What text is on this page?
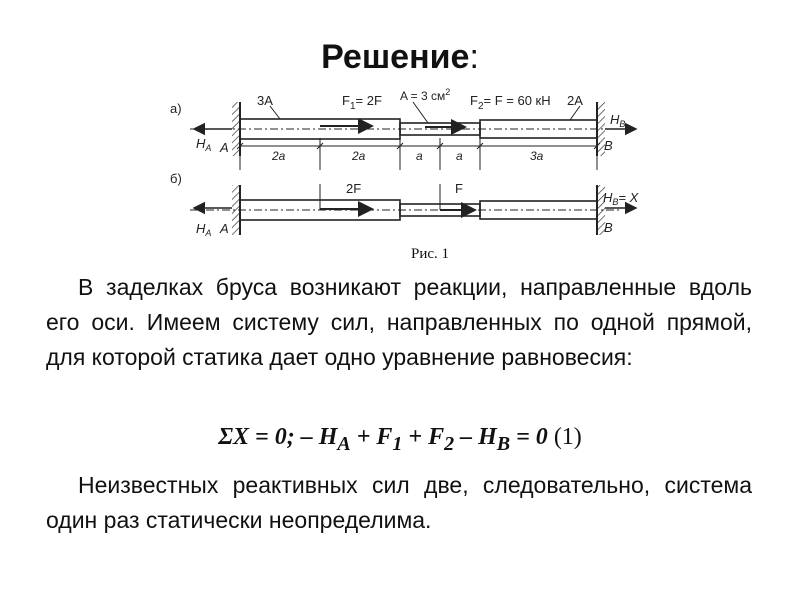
Решение:
а)
3A	$F_1= 2F$ A = 3 $см^2$
$F_2= F = 60$ кН 2A
$H_A$ A
$H_B$
B
2a	2a	a	a	3a
б)
2F	F
$H_A$ A
$H_B= X$
B
Рис. 1
В заделках бруса возникают реакции, направленные вдоль его оси. Имеем систему сил, направленных по одной прямой, для которой статика дает одно уравнение равновесия:
ΣX = 0; – $H_A + F_1 + F_2 - H_B = 0$ (1)
Неизвестных реактивных сил две, следовательно, система один раз статически неопределима.
